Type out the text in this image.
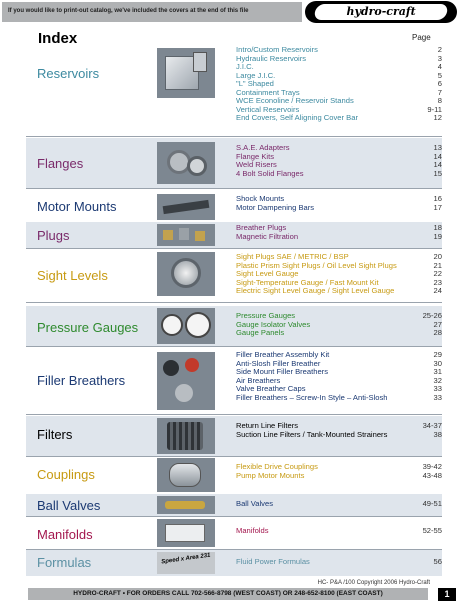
If you would like to print-out catalog, we've included the covers at the end of this file	hydro-craft
Index	Page
Reservoirs
Intro/Custom Reservoirs	2
Hydraulic Reservoirs	3
J.I.C.	4
Large J.I.C.	5
"L" Shaped	6
Containment Trays	7
WCE Econoline / Reservoir Stands	8
Vertical Reservoirs	9-11
End Covers, Self Aligning Cover Bar	12
Flanges
S.A.E. Adapters	13
Flange Kits	14
Weld Risers	14
4 Bolt Solid Flanges	15
Motor Mounts
Shock Mounts	16
Motor Dampening Bars	17
Plugs
Breather Plugs	18
Magnetic Filtration	19
Sight Levels
Sight Plugs SAE / METRIC / BSP	20
Plastic Prism Sight Plugs / Oil Level Sight Plugs	21
Sight Level Gauge	22
Sight-Temperature Gauge / Fast Mount Kit	23
Electric Sight Level Gauge / Sight Level Gauge	24
Pressure Gauges
Pressure Gauges	25-26
Gauge Isolator Valves	27
Gauge Panels	28
Filler Breathers
Filler Breather Assembly Kit	29
Anti-Slosh Filler Breather	30
Side Mount Filler Breathers	31
Air Breathers	32
Valve Breather Caps	33
Filler Breathers – Screw-In Style – Anti-Slosh	33
Filters
Return Line Filters	34-37
Suction Line Filters / Tank-Mounted Strainers	38
Couplings
Flexible Drive Couplings	39-42
Pump Motor Mounts	43-48
Ball Valves	Ball Valves	49-51
Manifolds	Manifolds	52-55
Formulas	Speed x Area 231	Fluid Power Formulas	56
HC- P&A /100 Copyright 2006 Hydro-Craft
HYDRO-CRAFT • FOR ORDERS CALL 702-566-8798 (WEST COAST) OR 248-652-8100 (EAST COAST)	1
